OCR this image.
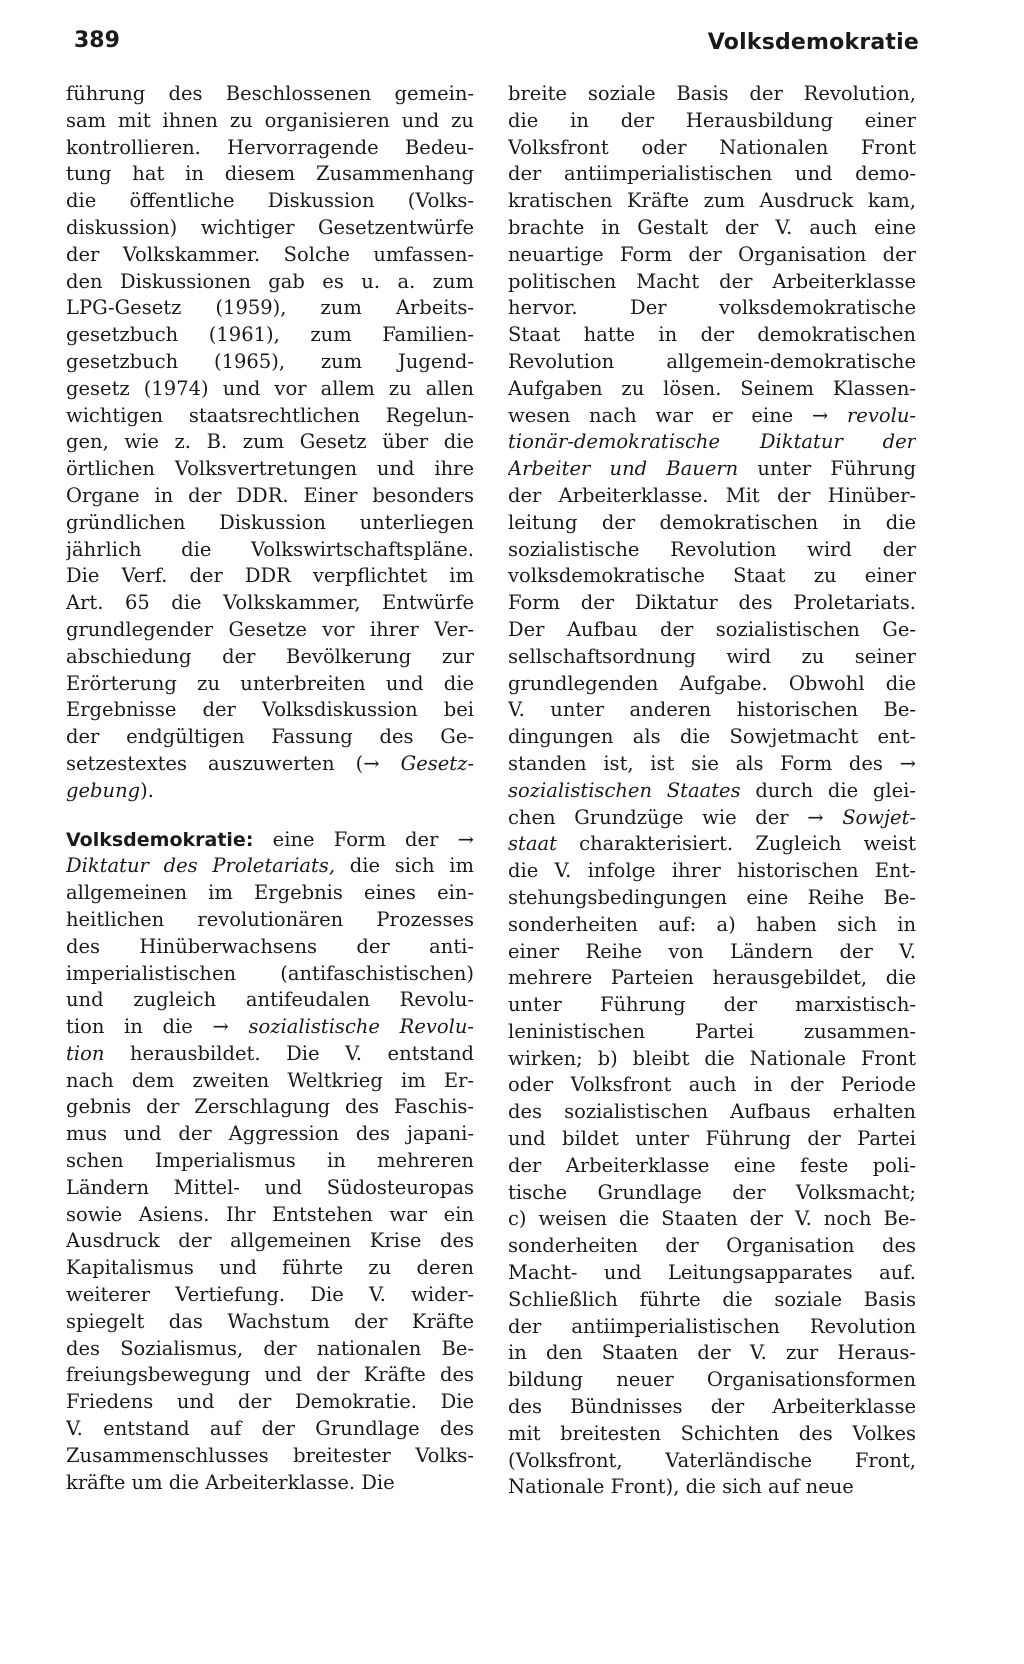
389	Volksdemokratie
führung des Beschlossenen gemein-
sam mit ihnen zu organisieren und zu
kontrollieren. Hervorragende Bedeu-
tung hat in diesem Zusammenhang
die öffentliche Diskussion (Volks-
diskussion) wichtiger Gesetzentwürfe
der Volkskammer. Solche umfassen-
den Diskussionen gab es u. a. zum
LPG-Gesetz (1959), zum Arbeits-
gesetzbuch (1961), zum Familien-
gesetzbuch (1965), zum Jugend-
gesetz (1974) und vor allem zu allen
wichtigen staatsrechtlichen Regelun-
gen, wie z. B. zum Gesetz über die
örtlichen Volksvertretungen und ihre
Organe in der DDR. Einer besonders
gründlichen Diskussion unterliegen
jährlich die Volkswirtschaftspläne.
Die Verf. der DDR verpflichtet im
Art. 65 die Volkskammer, Entwürfe
grundlegender Gesetze vor ihrer Ver-
abschiedung der Bevölkerung zur
Erörterung zu unterbreiten und die
Ergebnisse der Volksdiskussion bei
der endgültigen Fassung des Ge-
setzestextes auszuwerten (→ Gesetz-
gebung).
Volksdemokratie: eine Form der →
Diktatur des Proletariats, die sich im
allgemeinen im Ergebnis eines ein-
heitlichen revolutionären Prozesses
des Hinüberwachsens der anti-
imperialistischen (antifaschistischen)
und zugleich antifeudalen Revolu-
tion in die → sozialistische Revolu-
tion herausbildet. Die V. entstand
nach dem zweiten Weltkrieg im Er-
gebnis der Zerschlagung des Faschis-
mus und der Aggression des japani-
schen Imperialismus in mehreren
Ländern Mittel- und Südosteuropas
sowie Asiens. Ihr Entstehen war ein
Ausdruck der allgemeinen Krise des
Kapitalismus und führte zu deren
weiterer Vertiefung. Die V. wider-
spiegelt das Wachstum der Kräfte
des Sozialismus, der nationalen Be-
freiungsbewegung und der Kräfte des
Friedens und der Demokratie. Die
V. entstand auf der Grundlage des
Zusammenschlusses breitester Volks-
kräfte um die Arbeiterklasse. Die
breite soziale Basis der Revolution,
die in der Herausbildung einer
Volksfront oder Nationalen Front
der antiimperialistischen und demo-
kratischen Kräfte zum Ausdruck kam,
brachte in Gestalt der V. auch eine
neuartige Form der Organisation der
politischen Macht der Arbeiterklasse
hervor. Der volksdemokratische
Staat hatte in der demokratischen
Revolution allgemein-demokratische
Aufgaben zu lösen. Seinem Klassen-
wesen nach war er eine → revolu-
tionär-demokratische Diktatur der
Arbeiter und Bauern unter Führung
der Arbeiterklasse. Mit der Hinüber-
leitung der demokratischen in die
sozialistische Revolution wird der
volksdemokratische Staat zu einer
Form der Diktatur des Proletariats.
Der Aufbau der sozialistischen Ge-
sellschaftsordnung wird zu seiner
grundlegenden Aufgabe. Obwohl die
V. unter anderen historischen Be-
dingungen als die Sowjetmacht ent-
standen ist, ist sie als Form des →
sozialistischen Staates durch die glei-
chen Grundzüge wie der → Sowjet-
staat charakterisiert. Zugleich weist
die V. infolge ihrer historischen Ent-
stehungsbedingungen eine Reihe Be-
sonderheiten auf: a) haben sich in
einer Reihe von Ländern der V.
mehrere Parteien herausgebildet, die
unter Führung der marxistisch-
leninistischen Partei zusammen-
wirken; b) bleibt die Nationale Front
oder Volksfront auch in der Periode
des sozialistischen Aufbaus erhalten
und bildet unter Führung der Partei
der Arbeiterklasse eine feste poli-
tische Grundlage der Volksmacht;
c) weisen die Staaten der V. noch Be-
sonderheiten der Organisation des
Macht- und Leitungsapparates auf.
Schließlich führte die soziale Basis
der antiimperialistischen Revolution
in den Staaten der V. zur Heraus-
bildung neuer Organisationsformen
des Bündnisses der Arbeiterklasse
mit breitesten Schichten des Volkes
(Volksfront, Vaterländische Front,
Nationale Front), die sich auf neue
